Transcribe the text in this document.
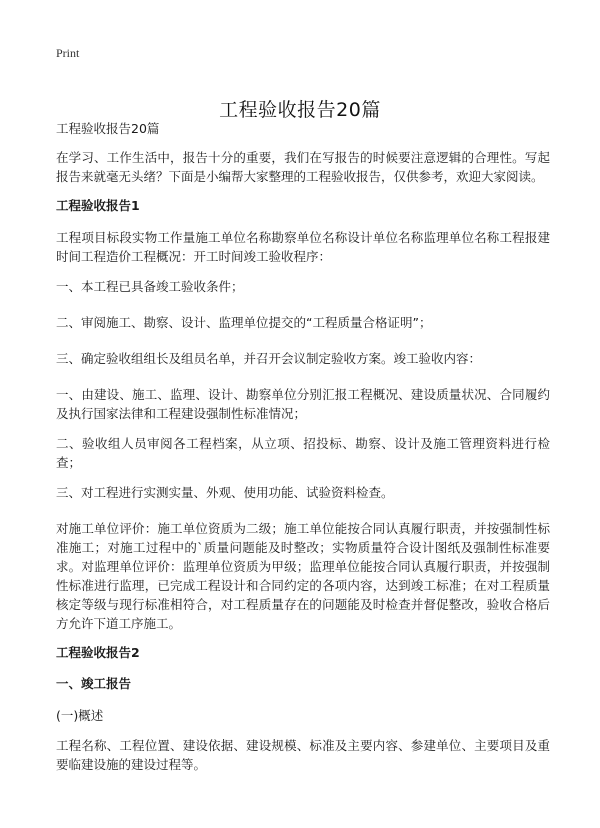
Print
工程验收报告20篇

工程验收报告20篇

在学习、工作生活中，报告十分的重要，我们在写报告的时候要注意逻辑的合理性。写起报告来就毫无头绪？下面是小编帮大家整理的工程验收报告，仅供参考，欢迎大家阅读。

工程验收报告1

工程项目标段实物工作量施工单位名称勘察单位名称设计单位名称监理单位名称工程报建时间工程造价工程概况：开工时间竣工验收程序：

一、本工程已具备竣工验收条件；

二、审阅施工、勘察、设计、监理单位提交的“工程质量合格证明”；

三、确定验收组组长及组员名单，并召开会议制定验收方案。竣工验收内容：

一、由建设、施工、监理、设计、勘察单位分别汇报工程概况、建设质量状况、合同履约及执行国家法律和工程建设强制性标准情况；

二、验收组人员审阅各工程档案，从立项、招投标、勘察、设计及施工管理资料进行检查；

三、对工程进行实测实量、外观、使用功能、试验资料检查。

对施工单位评价：施工单位资质为二级；施工单位能按合同认真履行职责，并按强制性标准施工；对施工过程中的`质量问题能及时整改；实物质量符合设计图纸及强制性标准要求。对监理单位评价：监理单位资质为甲级；监理单位能按合同认真履行职责，并按强制性标准进行监理，已完成工程设计和合同约定的各项内容，达到竣工标准；在对工程质量核定等级与现行标准相符合，对工程质量存在的问题能及时检查并督促整改，验收合格后方允许下道工序施工。

工程验收报告2

一、竣工报告

(一)概述

工程名称、工程位置、建设依据、建设规模、标准及主要内容、参建单位、主要项目及重要临建设施的建设过程等。
